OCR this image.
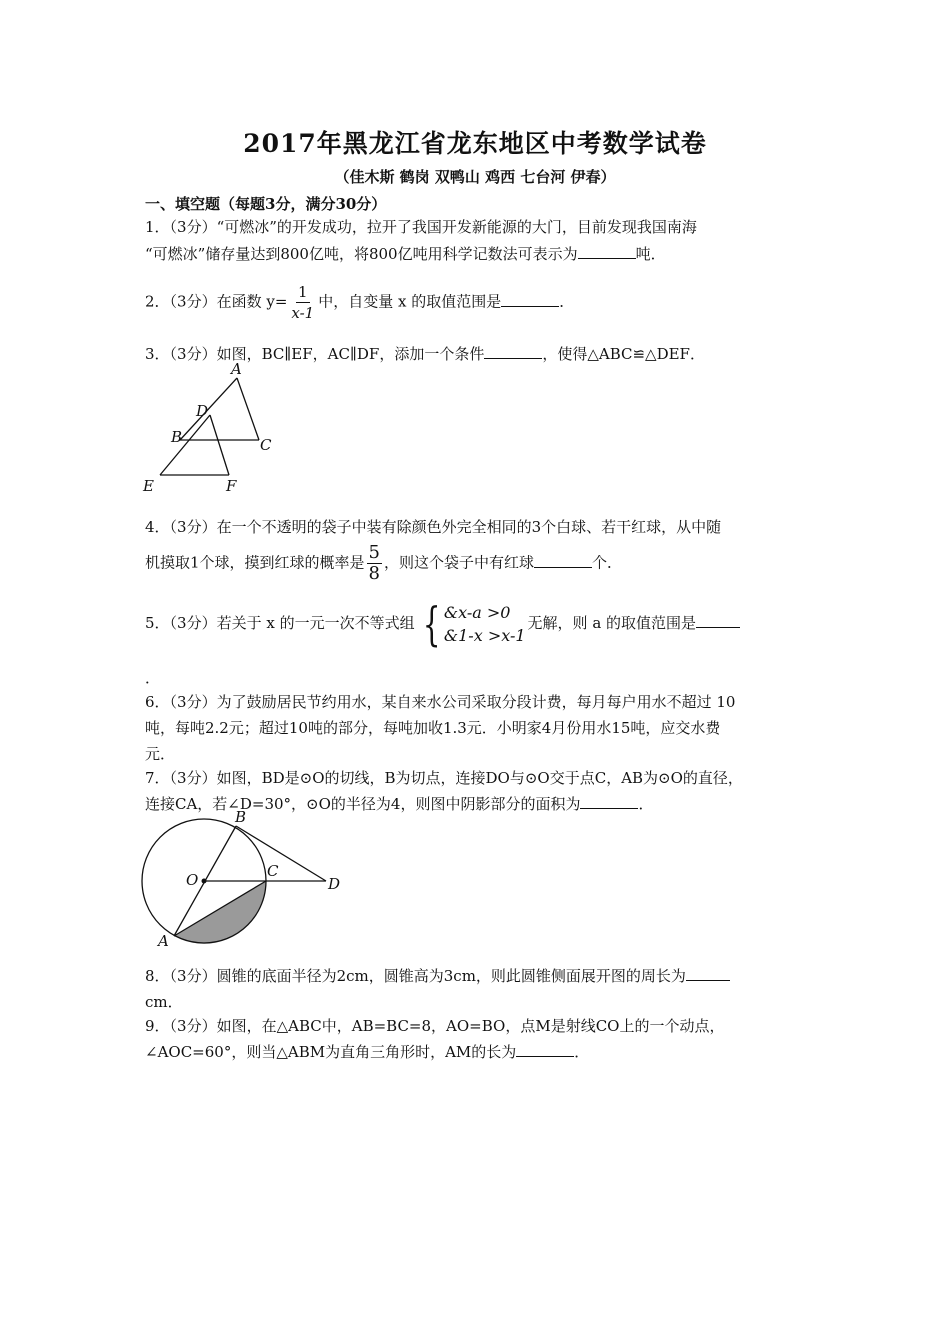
2017年黑龙江省龙东地区中考数学试卷
（佳木斯 鹤岗 双鸭山 鸡西 七台河 伊春）
一、填空题（每题3分，满分30分）
1．（3分）“可燃冰”的开发成功，拉开了我国开发新能源的大门，目前发现我国南海
“可燃冰”储存量达到800亿吨，将800亿吨用科学记数法可表示为	吨．
2．（3分）在函数 $y= \frac{1}{x-1}$ 中，自变量 x 的取值范围是	．
3．（3分）如图，BC∥EF，AC∥DF，添加一个条件	，使得△ABC≌△DEF．
A
D
B	C
E	F
4．（3分）在一个不透明的袋子中装有除颜色外完全相同的3个白球、若干红球，从中随
机摸取1个球，摸到红球的概率是 $\frac{5}{8}$ ，则这个袋子中有红球	个．
5．（3分）若关于 x 的一元一次不等式组 { &x-a >0
&1-x >x-1
无解，则 a 的取值范围是
．
6．（3分）为了鼓励居民节约用水，某自来水公司采取分段计费，每月每户用水不超过 10
吨，每吨2.2元；超过10吨的部分，每吨加收1.3元．小明家4月份用水15吨，应交水费
元．
7．（3分）如图，BD是⊙O的切线，B为切点，连接DO与⊙O交于点C，AB为⊙O的直径，
连接CA，若∠D=30°，⊙O的半径为4，则图中阴影部分的面积为	．
B
O	C
D
A
8．（3分）圆锥的底面半径为2cm，圆锥高为3cm，则此圆锥侧面展开图的周长为
cm．
9．（3分）如图，在△ABC中，AB=BC=8，AO=BO，点M是射线CO上的一个动点，
∠AOC=60°，则当△ABM为直角三角形时，AM的长为	．
